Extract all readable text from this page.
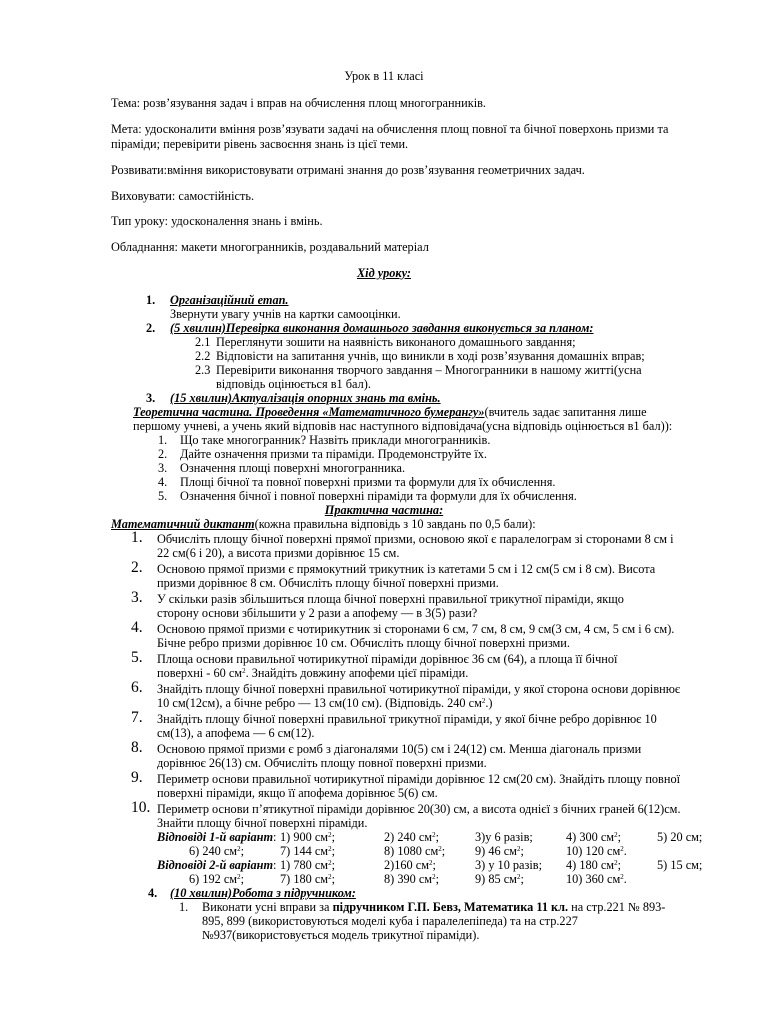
Урок в 11 класі
Тема: розв’язування задач і вправ на обчислення площ многогранників.
Мета: удосконалити вміння розв’язувати задачі на обчислення площ повної та бічної поверхонь призми та
піраміди; перевірити рівень засвоєння знань із цієї теми.
Розвивати:вміння використовувати отримані знання до розв’язування геометричних задач.
Виховувати: самостійність.
Тип уроку: удосконалення знань і вмінь.
Обладнання: макети многогранників, роздавальний матеріал
Хід уроку:
1. Організаційний етап.
Звернути увагу учнів на картки самооцінки.
2. (5 хвилин)Перевірка виконання домашнього завдання виконується за планом:
2.1 Переглянути зошити на наявність виконаного домашнього завдання;
2.2 Відповісти на запитання учнів, що виникли в ході розв’язування домашніх вправ;
2.3 Перевірити виконання творчого завдання – Многогранники в нашому житті(усна
відповідь оцінюється в1 бал).
3. (15 хвилин)Актуалізація опорних знань та вмінь.
Теоретична частина. Проведення «Математичного бумерангу»(вчитель задає запитання лише
першому учневі, а учень який відповів нас наступного відповідача(усна відповідь оцінюється в1 бал)):
1. Що таке многогранник? Назвіть приклади многогранників.
2. Дайте означення призми та піраміди. Продемонструйте їх.
3. Означення площі поверхні многогранника.
4. Площі бічної та повної поверхні призми та формули для їх обчислення.
5. Означення бічної і повної поверхні піраміди та формули для їх обчислення.
Практична частина:
Математичний диктант(кожна правильна відповідь з 10 завдань по 0,5 бали):
1. Обчисліть площу бічної поверхні прямої призми, основою якої є паралелограм зі сторонами 8 см і
22 см(6 і 20), а висота призми дорівнює 15 см.
2. Основою прямої призми є прямокутний трикутник із катетами 5 см і 12 см(5 см і 8 см). Висота
призми дорівнює 8 см. Обчисліть площу бічної поверхні призми.
3. У скільки разів збільшиться площа бічної поверхні правильної трикутної піраміди, якщо
сторону основи збільшити у 2 рази а апофему — в 3(5) рази?
4. Основою прямої призми є чотирикутник зі сторонами 6 см, 7 см, 8 см, 9 см(3 см, 4 см, 5 см і 6 см).
Бічне ребро призми дорівнює 10 см. Обчисліть площу бічної поверхні призми.
5. Площа основи правильної чотирикутної піраміди дорівнює 36 см (64), а площа її бічної
поверхні - 60 $см^2$. Знайдіть довжину апофеми цієї піраміди.
6. Знайдіть площу бічної поверхні правильної чотирикутної піраміди, у якої сторона основи дорівнює
10 см(12см), а бічне ребро — 13 см(10 см). (Відповідь. 240 $см^2$.)
7. Знайдіть площу бічної поверхні правильної трикутної піраміди, у якої бічне ребро дорівнює 10
см(13), а апофема — 6 см(12).
8. Основою прямої призми є ромб з діагоналями 10(5) см і 24(12) см. Менша діагональ призми
дорівнює 26(13) см. Обчисліть площу повної поверхні призми.
9. Периметр основи правильної чотирикутної піраміди дорівнює 12 см(20 см). Знайдіть площу повної
поверхні піраміди, якщо її апофема дорівнює 5(6) см.
10. Периметр основи п’ятикутної піраміди дорівнює 20(30) см, а висота однієї з бічних граней 6(12)см.
Знайти площу бічної поверхні піраміди.
Відповіді 1-й варіант: 1) 900 $см^2$;	2) 240 $см^2$;	3)у 6 разів;	4) 300 $см^2$;	5) 20 см;
6) 240 $см^2$;	7) 144 $см^2$;	8) 1080 $см^2$; 9) 46 $см^2$;	10) 120 $см^2$.
Відповіді 2-й варіант: 1) 780 $см^2$;	2)160 $см^2$;	3) у 10 разів; 4) 180 $см^2$;	5) 15 см;
6) 192 $см^2$;	7) 180 $см^2$;	8) 390 $см^2$;	9) 85 $см^2$;	10) 360 $см^2$.
4. (10 хвилин)Робота з підручником:
1. Виконати усні вправи за підручником Г.П. Бевз, Математика 11 кл. на стр.221 № 893-
895, 899 (використовуються моделі куба і паралелепіпеда) та на стр.227
№937(використовується модель трикутної піраміди).
